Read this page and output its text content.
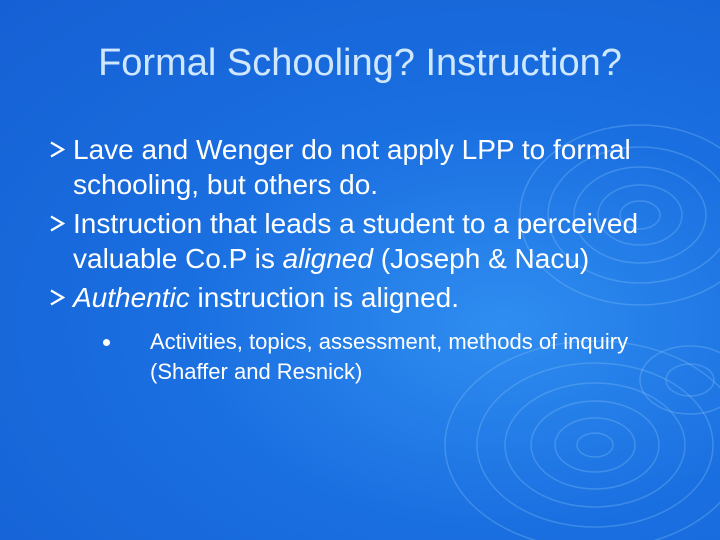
Formal Schooling? Instruction?
Lave and Wenger do not apply LPP to formal schooling, but others do.
Instruction that leads a student to a perceived valuable Co.P is aligned (Joseph & Nacu)
Authentic instruction is aligned.
Activities, topics, assessment, methods of inquiry (Shaffer and Resnick)
